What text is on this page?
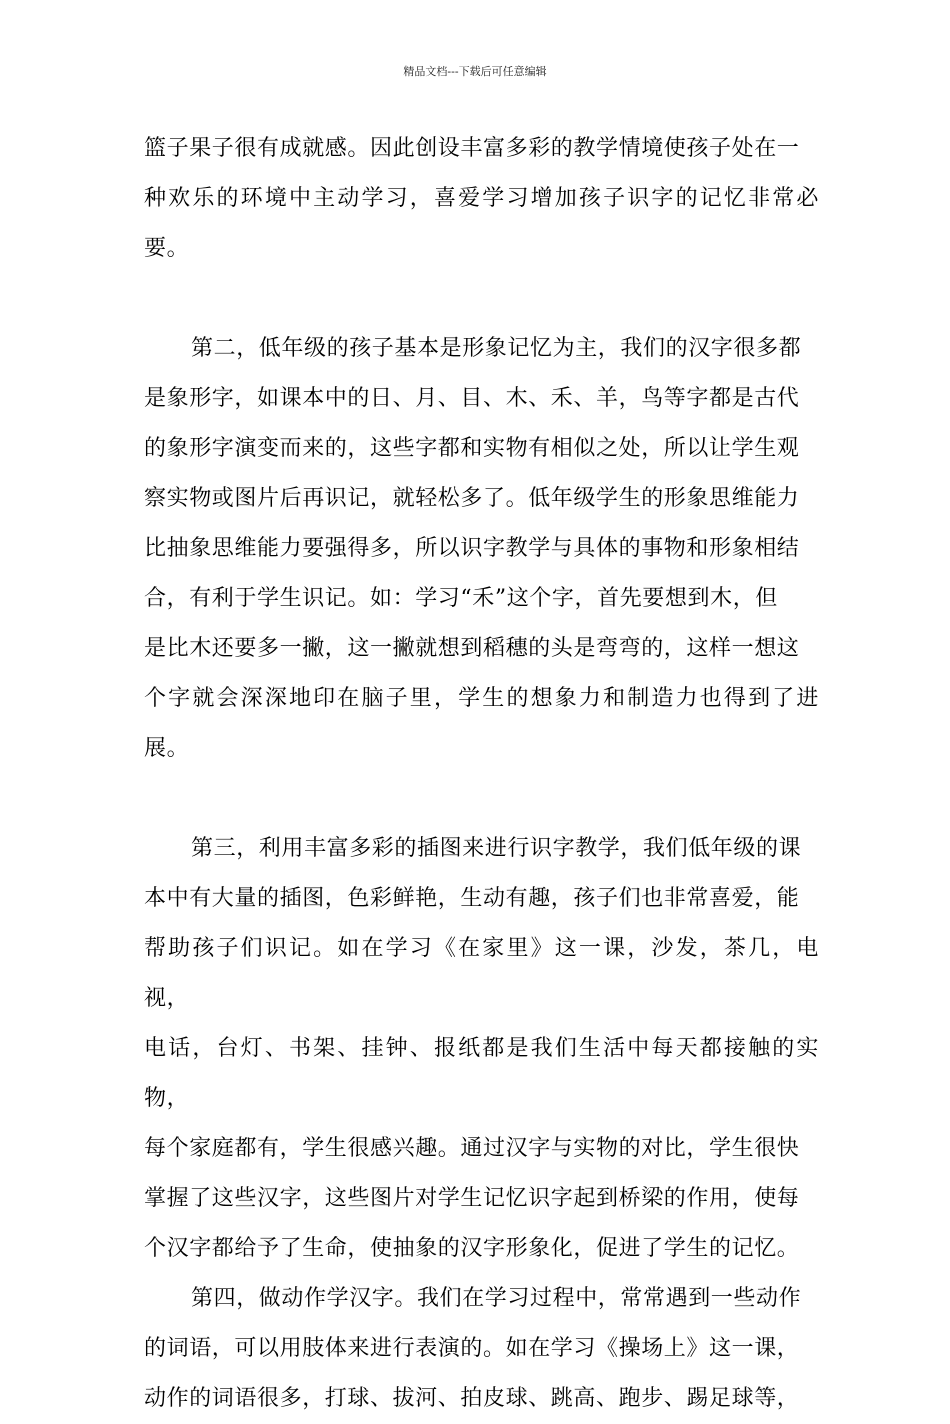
精品文档---下载后可任意编辑

篮子果子很有成就感。因此创设丰富多彩的教学情境使孩子处在一
种欢乐的环境中主动学习，喜爱学习增加孩子识字的记忆非常必要。

第二，低年级的孩子基本是形象记忆为主，我们的汉字很多都
是象形字，如课本中的日、月、目、木、禾、羊，鸟等字都是古代
的象形字演变而来的，这些字都和实物有相似之处，所以让学生观
察实物或图片后再识记，就轻松多了。低年级学生的形象思维能力
比抽象思维能力要强得多，所以识字教学与具体的事物和形象相结
合，有利于学生识记。如：学习“禾”这个字，首先要想到木，但
是比木还要多一撇，这一撇就想到稻穗的头是弯弯的，这样一想这
个字就会深深地印在脑子里，学生的想象力和制造力也得到了进展。

第三，利用丰富多彩的插图来进行识字教学，我们低年级的课
本中有大量的插图，色彩鲜艳，生动有趣，孩子们也非常喜爱，能
帮助孩子们识记。如在学习《在家里》这一课，沙发，茶几，电视，
电话，台灯、书架、挂钟、报纸都是我们生活中每天都接触的实物，
每个家庭都有，学生很感兴趣。通过汉字与实物的对比，学生很快
掌握了这些汉字，这些图片对学生记忆识字起到桥梁的作用，使每
个汉字都给予了生命，使抽象的汉字形象化，促进了学生的记忆。

第四，做动作学汉字。我们在学习过程中，常常遇到一些动作
的词语，可以用肢体来进行表演的。如在学习《操场上》这一课，
动作的词语很多，打球、拔河、拍皮球、跳高、跑步、踢足球等，
